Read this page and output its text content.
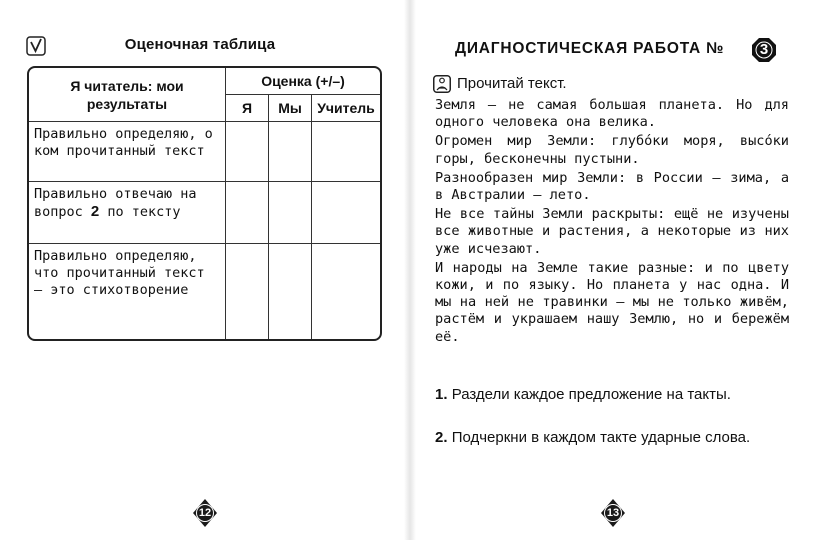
Оценочная таблица
Я читатель: мои результаты	Оценка (+/–)		
	Я	Мы	Учитель
Правильно определяю, о ком прочитанный текст			
Правильно отвечаю на вопрос 2 по тексту			
Правильно определяю, что прочитанный текст — это стихотворение			
12
ДИАГНОСТИЧЕСКАЯ РАБОТА №	3
Прочитай текст.

Земля — не самая большая планета. Но для одного человека она велика.

Огромен мир Земли: глубо́ки моря, высо́ки горы, бесконечны пустыни.

Разнообразен мир Земли: в России — зима, а в Австралии — лето.

Не все тайны Земли раскрыты: ещё не изучены все животные и растения, а некоторые из них уже исчезают.

И народы на Земле такие разные: и по цвету кожи, и по языку. Но планета у нас одна. И мы на ней не травинки — мы не только живём, растём и украшаем нашу Землю, но и бережём её.

1. Раздели каждое предложение на такты.
2. Подчеркни в каждом такте ударные слова.
13
